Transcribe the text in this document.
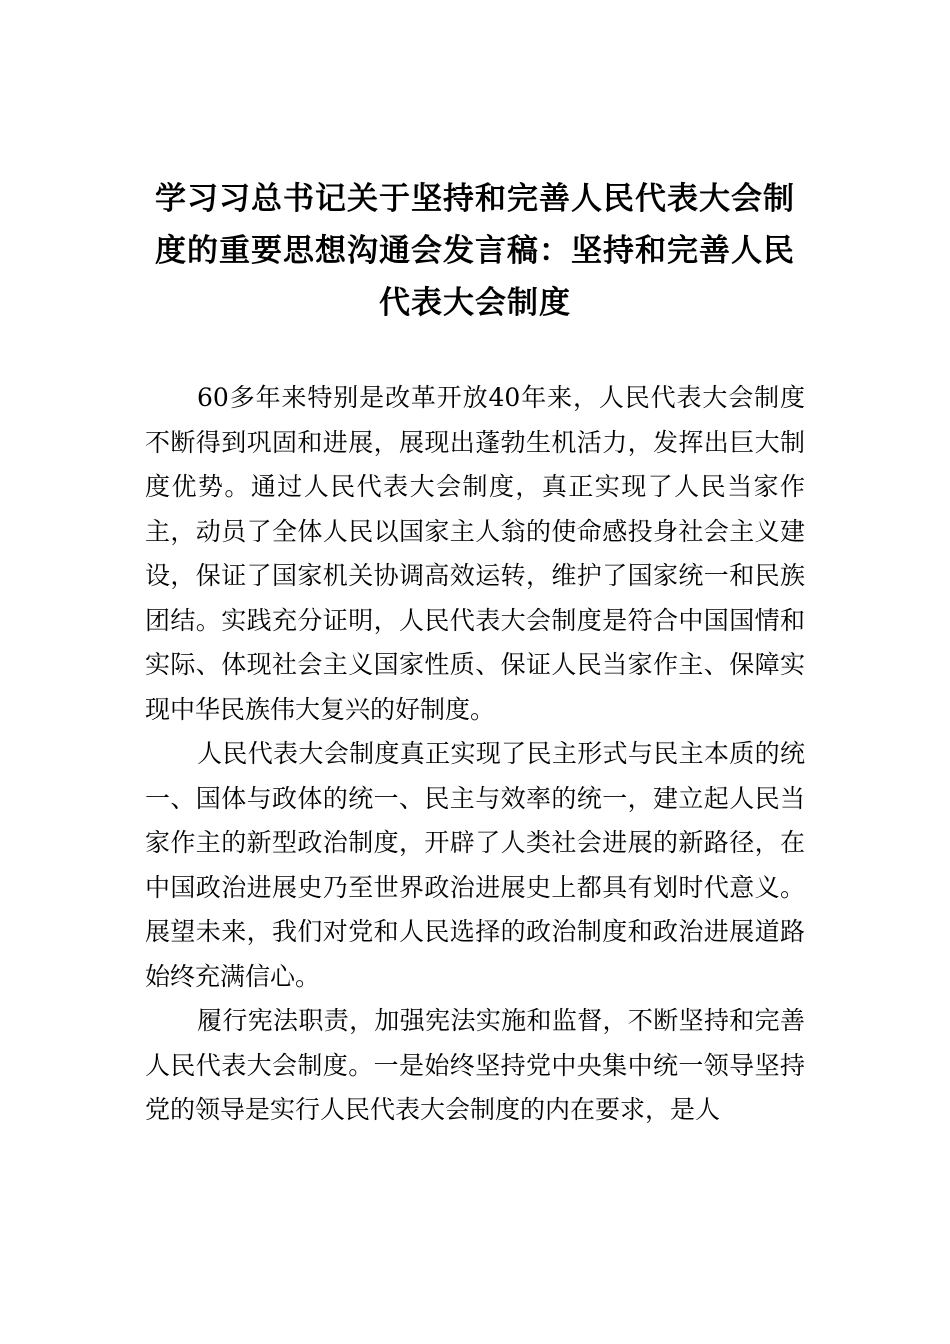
学习习总书记关于坚持和完善人民代表大会制度的重要思想沟通会发言稿：坚持和完善人民代表大会制度

60多年来特别是改革开放40年来，人民代表大会制度不断得到巩固和进展，展现出蓬勃生机活力，发挥出巨大制度优势。通过人民代表大会制度，真正实现了人民当家作主，动员了全体人民以国家主人翁的使命感投身社会主义建设，保证了国家机关协调高效运转，维护了国家统一和民族团结。实践充分证明，人民代表大会制度是符合中国国情和实际、体现社会主义国家性质、保证人民当家作主、保障实现中华民族伟大复兴的好制度。

人民代表大会制度真正实现了民主形式与民主本质的统一、国体与政体的统一、民主与效率的统一，建立起人民当家作主的新型政治制度，开辟了人类社会进展的新路径，在中国政治进展史乃至世界政治进展史上都具有划时代意义。展望未来，我们对党和人民选择的政治制度和政治进展道路始终充满信心。

履行宪法职责，加强宪法实施和监督，不断坚持和完善人民代表大会制度。一是始终坚持党中央集中统一领导坚持党的领导是实行人民代表大会制度的内在要求，是人
